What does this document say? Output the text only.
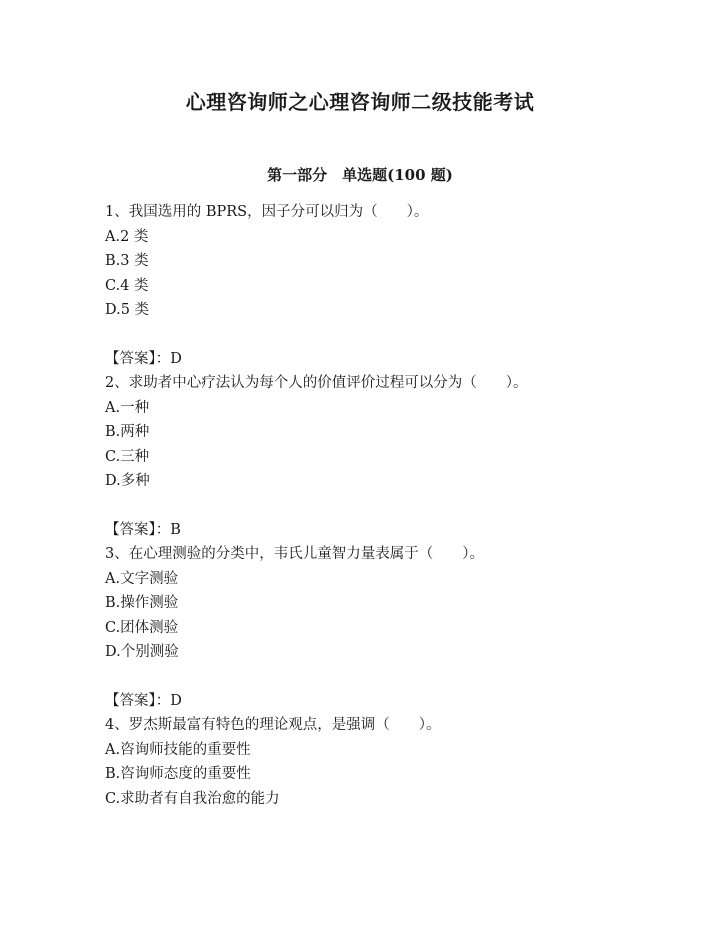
心理咨询师之心理咨询师二级技能考试
第一部分　单选题(100 题)
1、我国选用的 BPRS，因子分可以归为（　　）。
A.2 类
B.3 类
C.4 类
D.5 类
【答案】：D
2、求助者中心疗法认为每个人的价值评价过程可以分为（　　）。
A.一种
B.两种
C.三种
D.多种
【答案】：B
3、在心理测验的分类中，韦氏儿童智力量表属于（　　）。
A.文字测验
B.操作测验
C.团体测验
D.个别测验
【答案】：D
4、罗杰斯最富有特色的理论观点，是强调（　　）。
A.咨询师技能的重要性
B.咨询师态度的重要性
C.求助者有自我治愈的能力
